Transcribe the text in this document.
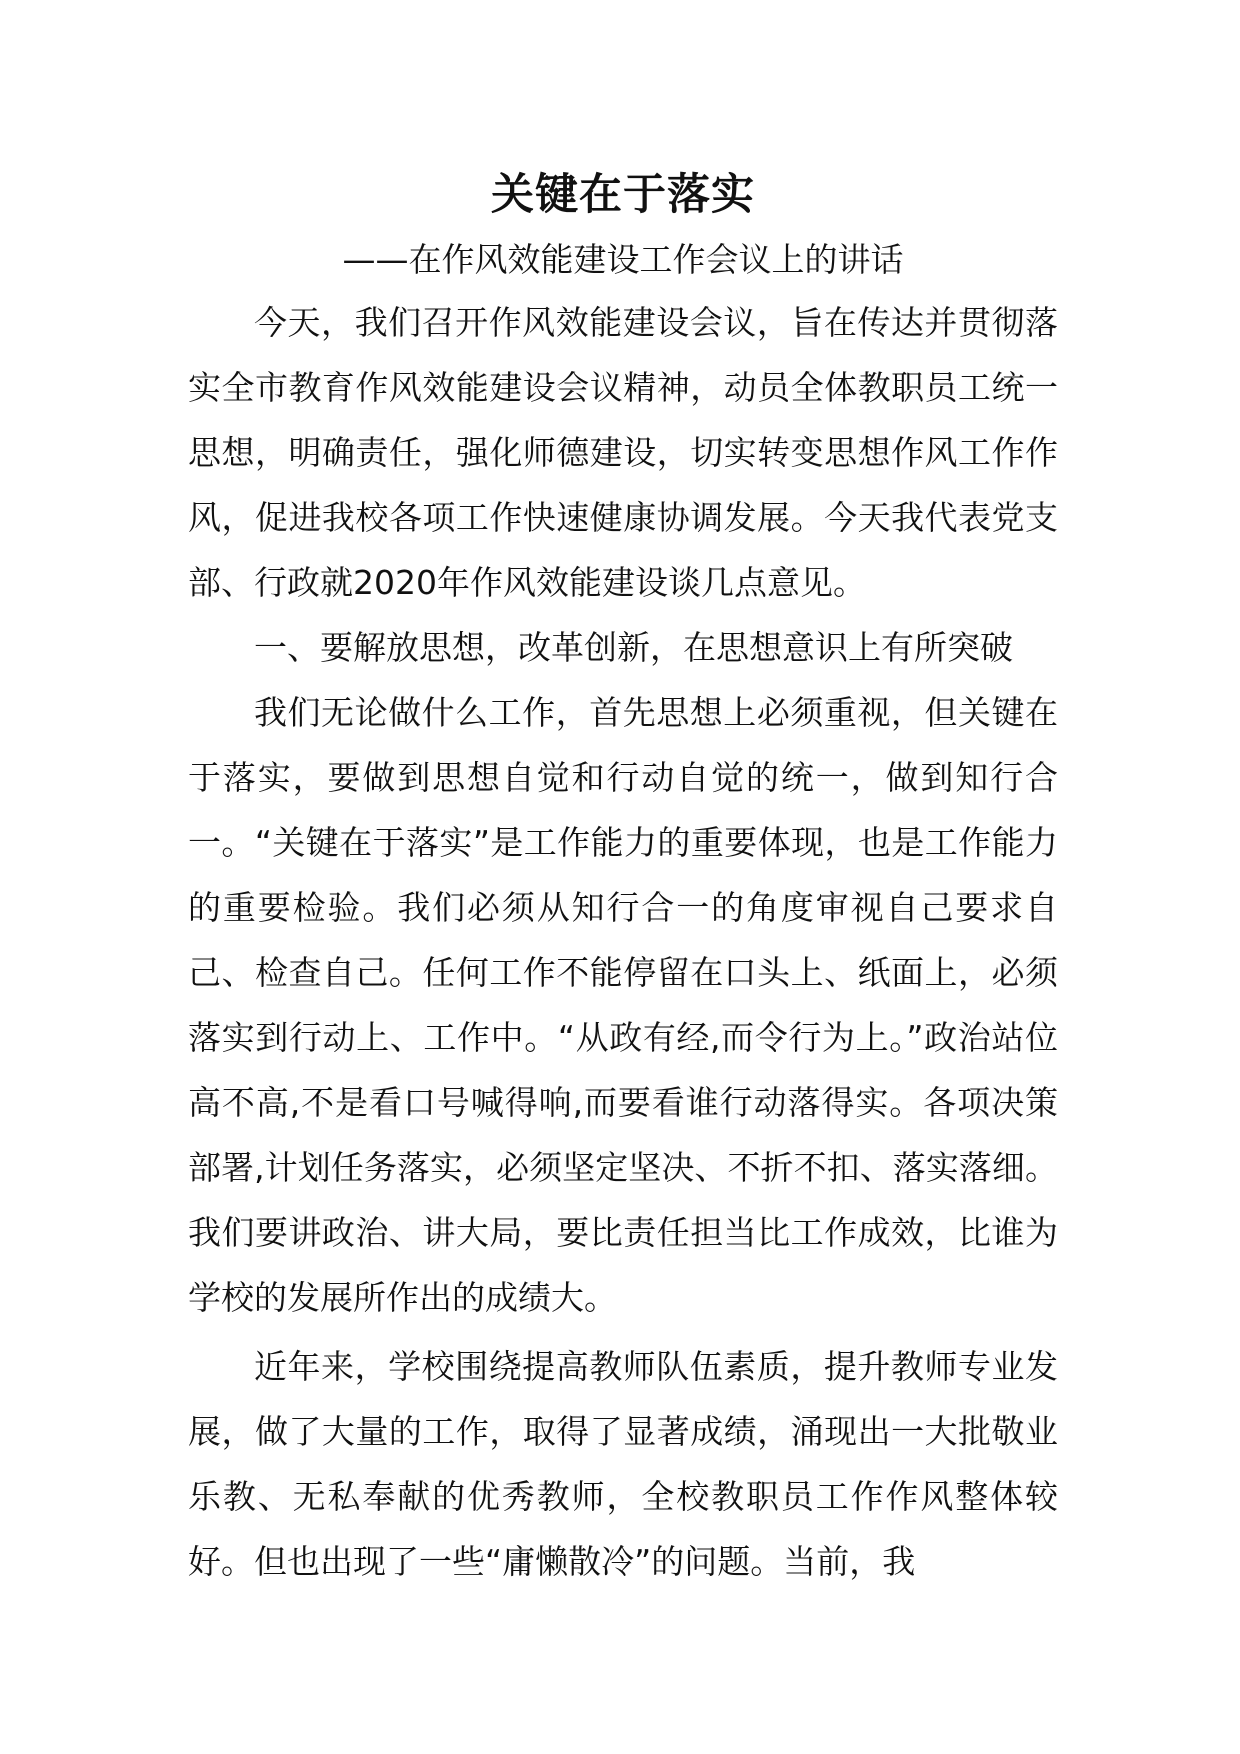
关键在于落实

——在作风效能建设工作会议上的讲话

今天，我们召开作风效能建设会议，旨在传达并贯彻落实全市教育作风效能建设会议精神，动员全体教职员工统一思想，明确责任，强化师德建设，切实转变思想作风工作作风，促进我校各项工作快速健康协调发展。今天我代表党支部、行政就2020年作风效能建设谈几点意见。

一、要解放思想，改革创新，在思想意识上有所突破

我们无论做什么工作，首先思想上必须重视，但关键在于落实，要做到思想自觉和行动自觉的统一，做到知行合一。“关键在于落实”是工作能力的重要体现，也是工作能力的重要检验。我们必须从知行合一的角度审视自己要求自己、检查自己。任何工作不能停留在口头上、纸面上，必须落实到行动上、工作中。“从政有经,而令行为上。”政治站位高不高,不是看口号喊得响,而要看谁行动落得实。各项决策部署,计划任务落实，必须坚定坚决、不折不扣、落实落细。我们要讲政治、讲大局，要比责任担当比工作成效，比谁为学校的发展所作出的成绩大。

近年来，学校围绕提高教师队伍素质，提升教师专业发展，做了大量的工作，取得了显著成绩，涌现出一大批敬业乐教、无私奉献的优秀教师，全校教职员工作作风整体较好。但也出现了一些“庸懒散冷”的问题。当前，我
